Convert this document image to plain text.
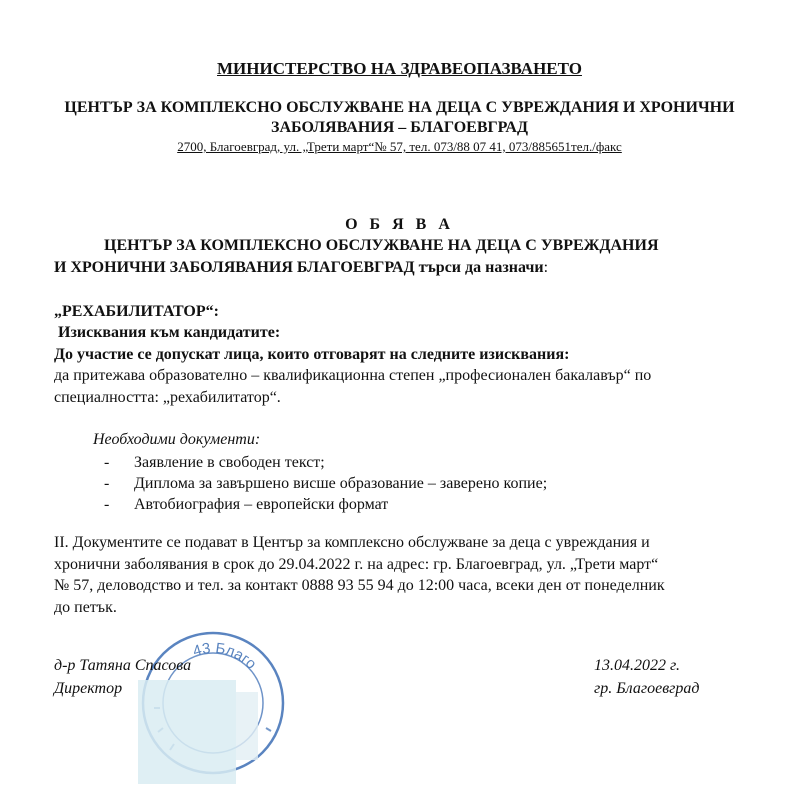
МИНИСТЕРСТВО НА ЗДРАВЕОПАЗВАНЕТО
ЦЕНТЪР ЗА КОМПЛЕКСНО ОБСЛУЖВАНЕ НА ДЕЦА С УВРЕЖДАНИЯ И ХРОНИЧНИ
ЗАБОЛЯВАНИЯ – БЛАГОЕВГРАД
2700, Благоевград, ул. „Трети март“№ 57, тел. 073/88 07 41, 073/885651тел./факс
О Б Я В А
ЦЕНТЪР ЗА КОМПЛЕКСНО ОБСЛУЖВАНЕ НА ДЕЦА С УВРЕЖДАНИЯ
И ХРОНИЧНИ ЗАБОЛЯВАНИЯ БЛАГОЕВГРАД търси да назначи:
„РЕХАБИЛИТАТОР“:
Изисквания към кандидатите:
До участие се допускат лица, които отговарят на следните изисквания:
да притежава образователно – квалификационна степен „професионален бакалавър“ по
специалността: „рехабилитатор“.
Необходими документи:
- Заявление в свободен текст;
- Диплома за завършено висше образование – заверено копие;
- Автобиография – европейски формат
II. Документите се подават в Център за комплексно обслужване за деца с увреждания и
хронични заболявания в срок до 29.04.2022 г. на адрес: гр. Благоевград, ул. „Трети март“
№ 57, деловодство и тел. за контакт 0888 93 55 94 до 12:00 часа, всеки ден от понеделник
до петък.
43 Благо
д-р Татяна Спасова
Директор
13.04.2022 г.
гр. Благоевград
